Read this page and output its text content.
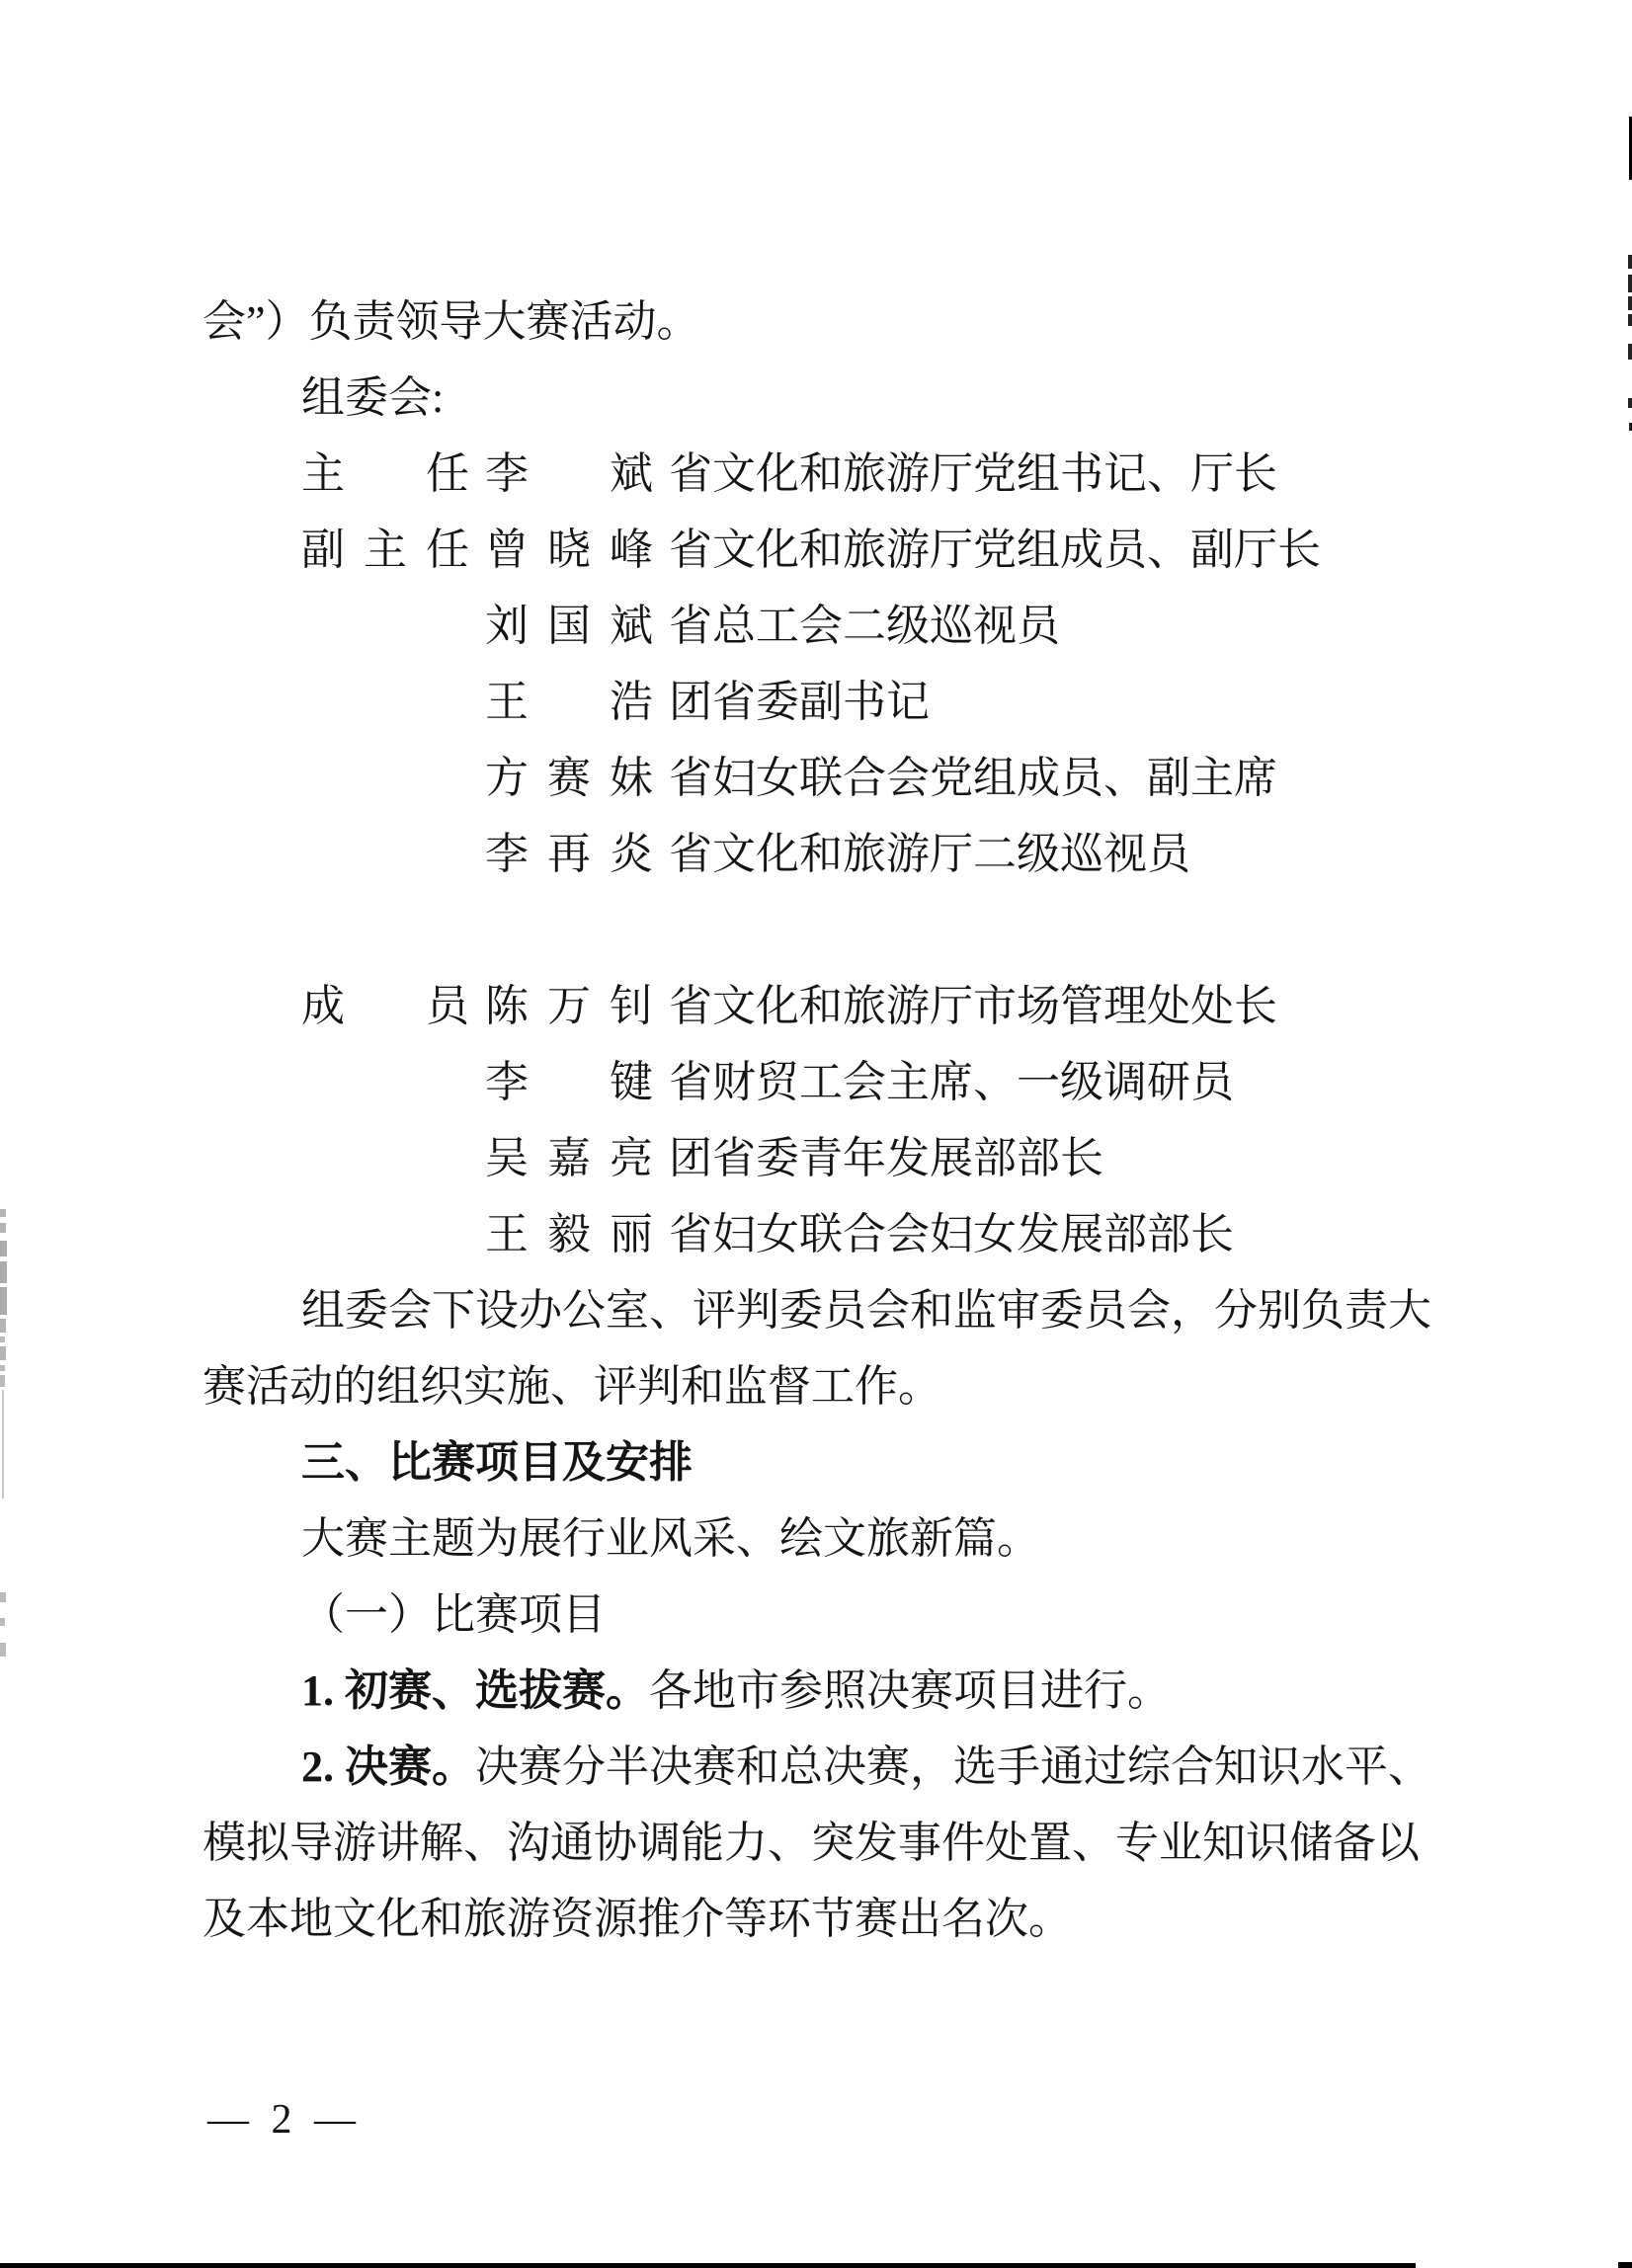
会”）负责领导大赛活动。
组委会:
主　任 李　斌 省文化和旅游厅党组书记、厅长
副主任 曾晓峰 省文化和旅游厅党组成员、副厅长
刘国斌 省总工会二级巡视员
王　浩 团省委副书记
方赛妹 省妇女联合会党组成员、副主席
李再炎 省文化和旅游厅二级巡视员
成　员 陈万钊 省文化和旅游厅市场管理处处长
李　键 省财贸工会主席、一级调研员
吴嘉亮 团省委青年发展部部长
王毅丽 省妇女联合会妇女发展部部长
组委会下设办公室、评判委员会和监审委员会，分别负责大
赛活动的组织实施、评判和监督工作。
三、比赛项目及安排
大赛主题为展行业风采、绘文旅新篇。
（一）比赛项目
1. 初赛、选拔赛。各地市参照决赛项目进行。
2. 决赛。决赛分半决赛和总决赛，选手通过综合知识水平、
模拟导游讲解、沟通协调能力、突发事件处置、专业知识储备以
及本地文化和旅游资源推介等环节赛出名次。
— 2 —
